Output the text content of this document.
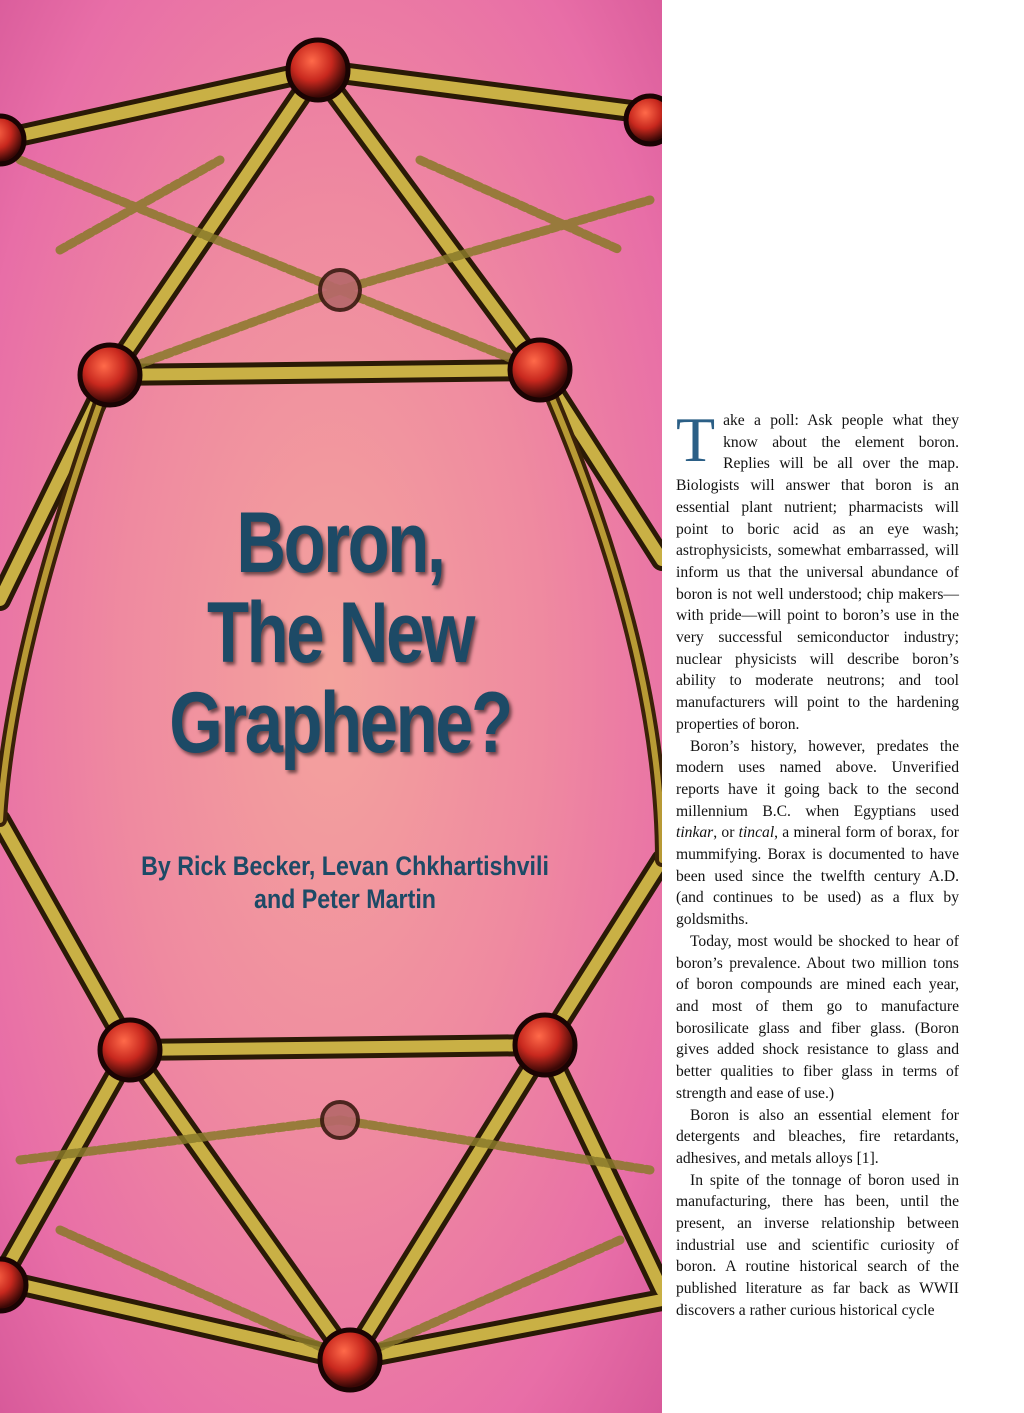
Boron,
The New
Graphene?
By Rick Becker, Levan Chkhartishvili
and Peter Martin

Take a poll: Ask people what they know about the element boron. Replies will be all over the map. Biologists will answer that boron is an essential plant nutrient; pharmacists will point to boric acid as an eye wash; astrophysicists, somewhat embarrassed, will inform us that the universal abundance of boron is not well understood; chip makers—with pride—will point to boron’s use in the very successful semiconductor industry; nuclear physicists will describe boron’s ability to moderate neutrons; and tool manufacturers will point to the hardening properties of boron.

Boron’s history, however, predates the modern uses named above. Unverified reports have it going back to the second millennium B.C. when Egyptians used tinkar, or tincal, a mineral form of borax, for mummifying. Borax is documented to have been used since the twelfth century A.D. (and continues to be used) as a flux by goldsmiths.

Today, most would be shocked to hear of boron’s prevalence. About two million tons of boron compounds are mined each year, and most of them go to manufacture borosilicate glass and fiber glass. (Boron gives added shock resistance to glass and better qualities to fiber glass in terms of strength and ease of use.)

Boron is also an essential element for detergents and bleaches, fire retardants, adhesives, and metals alloys [1].

In spite of the tonnage of boron used in manufacturing, there has been, until the present, an inverse relationship between industrial use and scientific curiosity of boron. A routine historical search of the published literature as far back as WWII discovers a rather curious historical cycle
